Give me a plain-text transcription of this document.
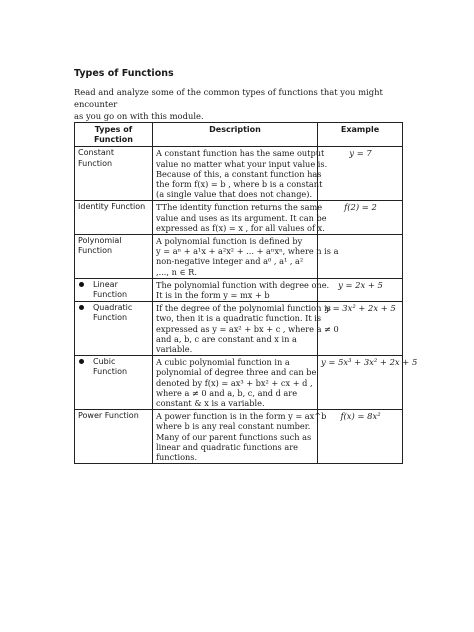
Types of Functions

Read and analyze some of the common types of functions that you might encounter
as you go on with this module.

Types of
Function	Description	Example

Constant
Function	A constant function has the same output
value no matter what your input value is.
Because of this, a constant function has
the form f(x) = b , where b is a constant
(a single value that does not change).	y = 7

Identity Function	TThe identity function returns the same
value and uses as its argument. It can be
expressed as f(x) = x , for all values of x.	f(2) = 2

Polynomial
Function	A polynomial function is defined by
y = aⁿ + a¹x + a²x² + ... + aⁿxⁿ, where n is a
non-negative integer and a⁰ , a¹ , a²
,..., n ∈ R.	

Linear
Function	The polynomial function with degree one.
It is in the form y = mx + b	y = 2x + 5

Quadratic
Function	If the degree of the polynomial function is
two, then it is a quadratic function. It is
expressed as y = ax² + bx + c , where a ≠ 0
and a, b, c are constant and x in a
variable.	y = 3x² + 2x + 5

Cubic
Function	A cubic polynomial function in a
polynomial of degree three and can be
denoted by f(x) = ax³ + bx² + cx + d ,
where a ≠ 0 and a, b, c, and d are
constant & x is a variable.	y = 5x³ + 3x² + 2x + 5

Power Function	A power function is in the form y = ax^b
where b is any real constant number.
Many of our parent functions such as
linear and quadratic functions are
functions.	f(x) = 8x²
